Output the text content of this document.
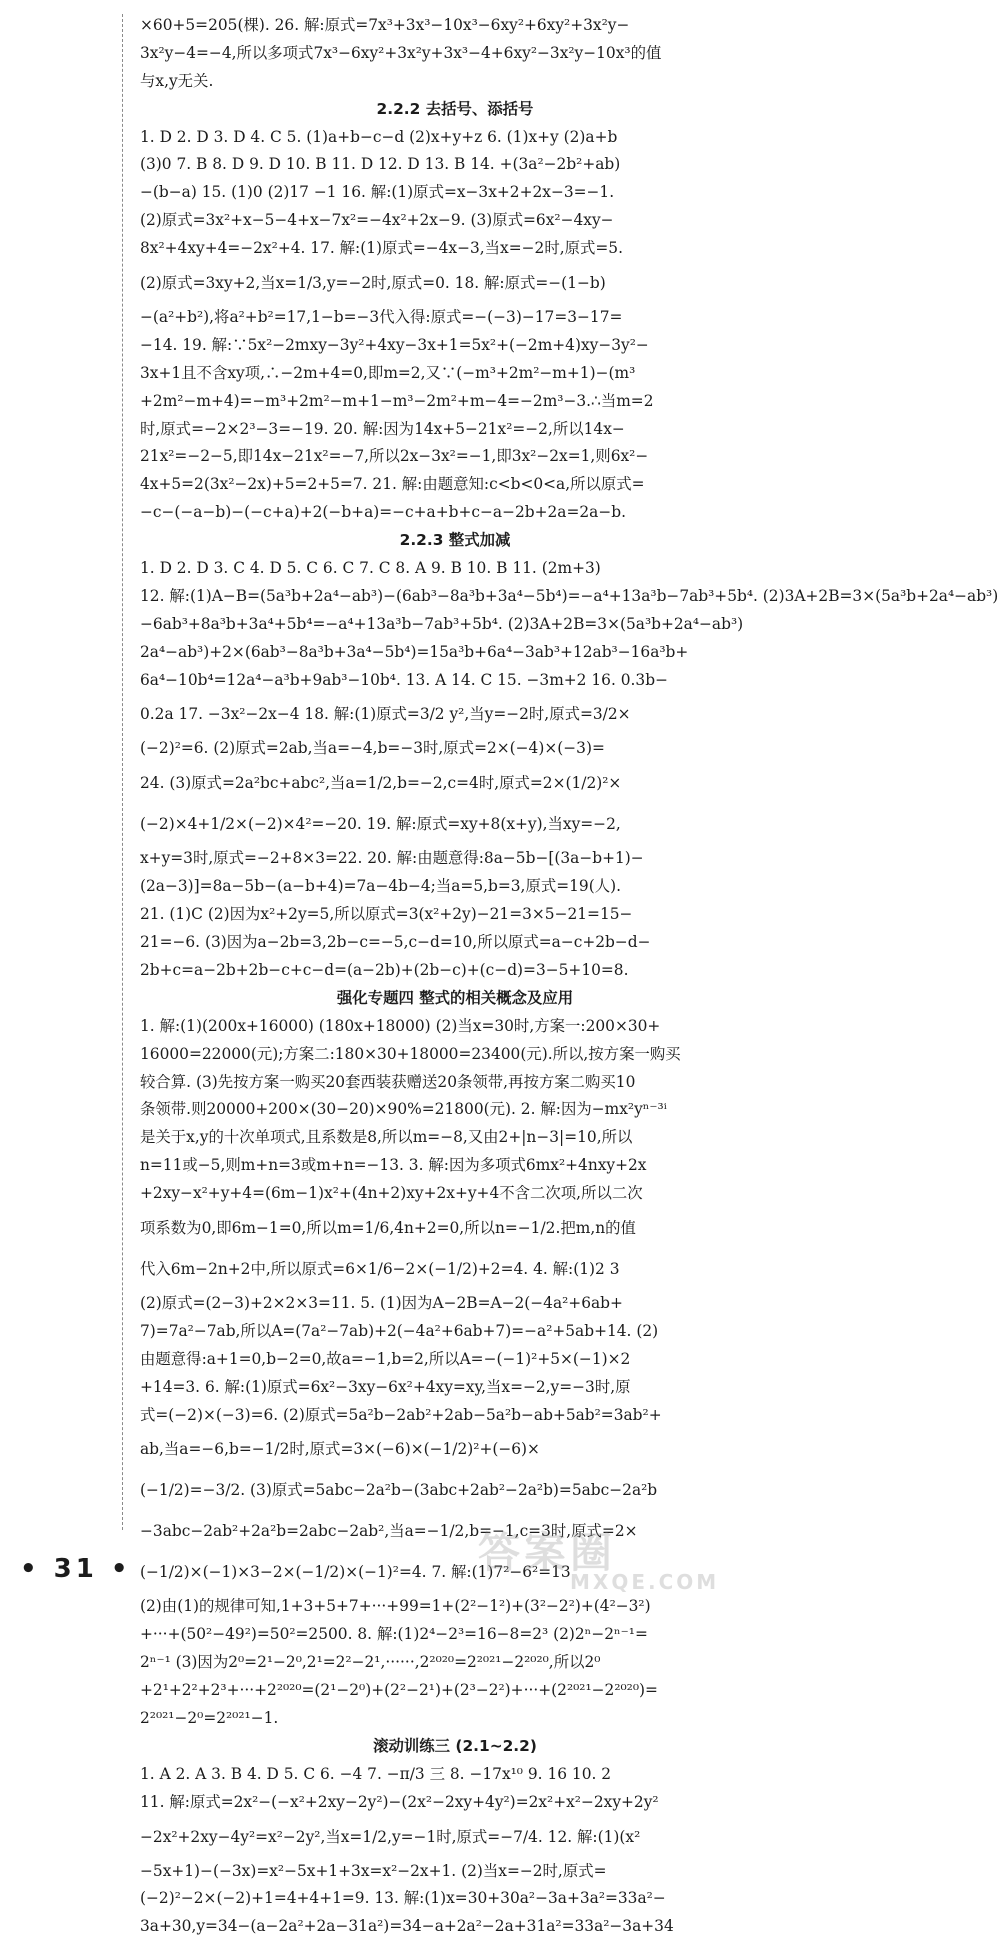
×60+5=205(棵). 26. 解:原式=7x³+3x³−10x³−6xy²+6xy²+3x²y−
3x²y−4=−4,所以多项式7x³−6xy²+3x²y+3x³−4+6xy²−3x²y−10x³的值
与x,y无关.
2.2.2 去括号、添括号
1. D 2. D 3. D 4. C 5. (1)a+b−c−d (2)x+y+z 6. (1)x+y (2)a+b
(3)0 7. B 8. D 9. D 10. B 11. D 12. D 13. B 14. +(3a²−2b²+ab)
−(b−a) 15. (1)0 (2)17 −1 16. 解:(1)原式=x−3x+2+2x−3=−1.
(2)原式=3x²+x−5−4+x−7x²=−4x²+2x−9. (3)原式=6x²−4xy−
8x²+4xy+4=−2x²+4. 17. 解:(1)原式=−4x−3,当x=−2时,原式=5.
(2)原式=3xy+2,当x=1/3,y=−2时,原式=0. 18. 解:原式=−(1−b)
−(a²+b²),将a²+b²=17,1−b=−3代入得:原式=−(−3)−17=3−17=
−14. 19. 解:∵5x²−2mxy−3y²+4xy−3x+1=5x²+(−2m+4)xy−3y²−
3x+1且不含xy项,∴−2m+4=0,即m=2,又∵(−m³+2m²−m+1)−(m³
+2m²−m+4)=−m³+2m²−m+1−m³−2m²+m−4=−2m³−3.∴当m=2
时,原式=−2×2³−3=−19. 20. 解:因为14x+5−21x²=−2,所以14x−
21x²=−2−5,即14x−21x²=−7,所以2x−3x²=−1,即3x²−2x=1,则6x²−
4x+5=2(3x²−2x)+5=2+5=7. 21. 解:由题意知:c<b<0<a,所以原式=
−c−(−a−b)−(−c+a)+2(−b+a)=−c+a+b+c−a−2b+2a=2a−b.
2.2.3 整式加减
1. D 2. D 3. C 4. D 5. C 6. C 7. C 8. A 9. B 10. B 11. (2m+3)
12. 解:(1)A−B=(5a³b+2a⁴−ab³)−(6ab³−8a³b+3a⁴−5b⁴)=−a⁴+13a³b−7ab³+5b⁴. (2)3A+2B=3×(5a³b+2a⁴−ab³)
−6ab³+8a³b+3a⁴+5b⁴=−a⁴+13a³b−7ab³+5b⁴. (2)3A+2B=3×(5a³b+2a⁴−ab³)
2a⁴−ab³)+2×(6ab³−8a³b+3a⁴−5b⁴)=15a³b+6a⁴−3ab³+12ab³−16a³b+
6a⁴−10b⁴=12a⁴−a³b+9ab³−10b⁴. 13. A 14. C 15. −3m+2 16. 0.3b−
0.2a 17. −3x²−2x−4 18. 解:(1)原式=3/2 y²,当y=−2时,原式=3/2×
(−2)²=6. (2)原式=2ab,当a=−4,b=−3时,原式=2×(−4)×(−3)=
24. (3)原式=2a²bc+abc²,当a=1/2,b=−2,c=4时,原式=2×(1/2)²×
(−2)×4+1/2×(−2)×4²=−20. 19. 解:原式=xy+8(x+y),当xy=−2,
x+y=3时,原式=−2+8×3=22. 20. 解:由题意得:8a−5b−[(3a−b+1)−
(2a−3)]=8a−5b−(a−b+4)=7a−4b−4;当a=5,b=3,原式=19(人).
21. (1)C (2)因为x²+2y=5,所以原式=3(x²+2y)−21=3×5−21=15−
21=−6. (3)因为a−2b=3,2b−c=−5,c−d=10,所以原式=a−c+2b−d−
2b+c=a−2b+2b−c+c−d=(a−2b)+(2b−c)+(c−d)=3−5+10=8.
强化专题四 整式的相关概念及应用
1. 解:(1)(200x+16000) (180x+18000) (2)当x=30时,方案一:200×30+
16000=22000(元);方案二:180×30+18000=23400(元).所以,按方案一购买
较合算. (3)先按方案一购买20套西装获赠送20条领带,再按方案二购买10
条领带.则20000+200×(30−20)×90%=21800(元). 2. 解:因为−mx²yⁿ⁻³ⁱ
是关于x,y的十次单项式,且系数是8,所以m=−8,又由2+|n−3|=10,所以
n=11或−5,则m+n=3或m+n=−13. 3. 解:因为多项式6mx²+4nxy+2x
+2xy−x²+y+4=(6m−1)x²+(4n+2)xy+2x+y+4不含二次项,所以二次
项系数为0,即6m−1=0,所以m=1/6,4n+2=0,所以n=−1/2.把m,n的值
代入6m−2n+2中,所以原式=6×1/6−2×(−1/2)+2=4. 4. 解:(1)2 3
(2)原式=(2−3)+2×2×3=11. 5. (1)因为A−2B=A−2(−4a²+6ab+
7)=7a²−7ab,所以A=(7a²−7ab)+2(−4a²+6ab+7)=−a²+5ab+14. (2)
由题意得:a+1=0,b−2=0,故a=−1,b=2,所以A=−(−1)²+5×(−1)×2
+14=3. 6. 解:(1)原式=6x²−3xy−6x²+4xy=xy,当x=−2,y=−3时,原
式=(−2)×(−3)=6. (2)原式=5a²b−2ab²+2ab−5a²b−ab+5ab²=3ab²+
ab,当a=−6,b=−1/2时,原式=3×(−6)×(−1/2)²+(−6)×
(−1/2)=−3/2. (3)原式=5abc−2a²b−(3abc+2ab²−2a²b)=5abc−2a²b
−3abc−2ab²+2a²b=2abc−2ab²,当a=−1/2,b=−1,c=3时,原式=2×
(−1/2)×(−1)×3−2×(−1/2)×(−1)²=4. 7. 解:(1)7²−6²=13
(2)由(1)的规律可知,1+3+5+7+···+99=1+(2²−1²)+(3²−2²)+(4²−3²)
+···+(50²−49²)=50²=2500. 8. 解:(1)2⁴−2³=16−8=2³ (2)2ⁿ−2ⁿ⁻¹=
2ⁿ⁻¹ (3)因为2⁰=2¹−2⁰,2¹=2²−2¹,······,2²⁰²⁰=2²⁰²¹−2²⁰²⁰,所以2⁰
+2¹+2²+2³+···+2²⁰²⁰=(2¹−2⁰)+(2²−2¹)+(2³−2²)+···+(2²⁰²¹−2²⁰²⁰)=
2²⁰²¹−2⁰=2²⁰²¹−1.
滚动训练三 (2.1~2.2)
1. A 2. A 3. B 4. D 5. C 6. −4 7. −π/3 三 8. −17x¹⁰ 9. 16 10. 2
11. 解:原式=2x²−(−x²+2xy−2y²)−(2x²−2xy+4y²)=2x²+x²−2xy+2y²
−2x²+2xy−4y²=x²−2y²,当x=1/2,y=−1时,原式=−7/4. 12. 解:(1)(x²
−5x+1)−(−3x)=x²−5x+1+3x=x²−2x+1. (2)当x=−2时,原式=
(−2)²−2×(−2)+1=4+4+1=9. 13. 解:(1)x=30+30a²−3a+3a²=33a²−
3a+30,y=34−(a−2a²+2a−31a²)=34−a+2a²−2a+31a²=33a²−3a+34
• 31 •	答案圈
MXQE.COM
